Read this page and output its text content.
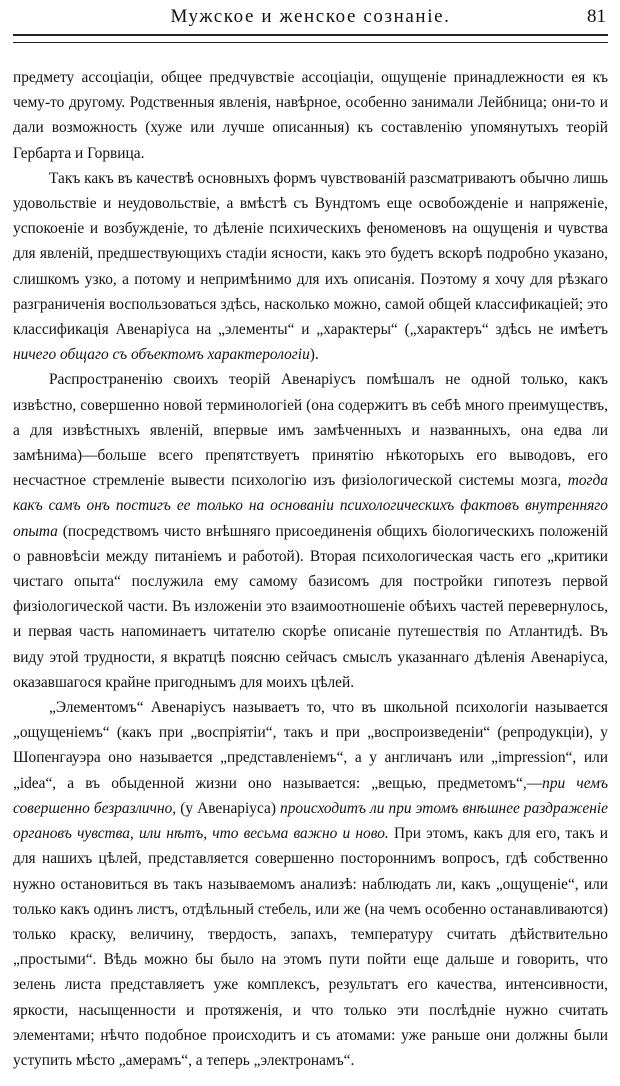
Мужское и женское сознаніе.	81

предмету ассоціаціи, общее предчувствіе ассоціаціи, ощущеніе принадлежности ея къ чему-то другому. Родственныя явленія, навѣрное, особенно занимали Лейбница; они-то и дали возможность (хуже или лучше описанныя) къ составленію упомянутыхъ теорій Гербарта и Горвица.

Такъ какъ въ качествѣ основныхъ формъ чувствованій разсматриваютъ обычно лишь удовольствіе и неудовольствіе, а вмѣстѣ съ Вундтомъ еще освобожденіе и напряженіе, успокоеніе и возбужденіе, то дѣленіе психическихъ феноменовъ на ощущенія и чувства для явленій, предшествующихъ стадіи ясности, какъ это будетъ вскорѣ подробно указано, слишкомъ узко, а потому и непримѣнимо для ихъ описанія. Поэтому я хочу для рѣзкаго разграниченія воспользоваться здѣсь, насколько можно, самой общей классификаціей; это классификація Авенаріуса на „элементы“ и „характеры“ („характеръ“ здѣсь не имѣетъ ничего общаго съ объектомъ характерологіи).

Распространенію своихъ теорій Авенаріусъ помѣшалъ не одной только, какъ извѣстно, совершенно новой терминологіей (она содержитъ въ себѣ много преимуществъ, а для извѣстныхъ явленій, впервые имъ замѣченныхъ и названныхъ, она едва ли замѣнима)—больше всего препятствуетъ принятію нѣкоторыхъ его выводовъ, его несчастное стремленіе вывести психологію изъ физіологической системы мозга, тогда какъ самъ онъ постигъ ее только на основаніи психологическихъ фактовъ внутренняго опыта (посредствомъ чисто внѣшняго присоединенія общихъ біологическихъ положеній о равновѣсіи между питаніемъ и работой). Вторая психологическая часть его „критики чистаго опыта“ послужила ему самому базисомъ для постройки гипотезъ первой физіологической части. Въ изложеніи это взаимоотношеніе обѣихъ частей перевернулось, и первая часть напоминаетъ читателю скорѣе описаніе путешествія по Атлантидѣ. Въ виду этой трудности, я вкратцѣ поясню сейчасъ смыслъ указаннаго дѣленія Авенаріуса, оказавшагося крайне пригоднымъ для моихъ цѣлей.

„Элементомъ“ Авенаріусъ называетъ то, что въ школьной психологіи называется „ощущеніемъ“ (какъ при „воспріятіи“, такъ и при „воспроизведеніи“ (репродукціи), у Шопенгауэра оно называется „представленіемъ“, а у англичанъ или „impression“, или „idea“, а въ обыденной жизни оно называется: „вещью, предметомъ“,—при чемъ совершенно безразлично, (у Авенаріуса) происходитъ ли при этомъ внѣшнее раздраженіе органовъ чувства, или нѣтъ, что весьма важно и ново. При этомъ, какъ для его, такъ и для нашихъ цѣлей, представляется совершенно постороннимъ вопросъ, гдѣ собственно нужно остановиться въ такъ называемомъ анализѣ: наблюдать ли, какъ „ощущеніе“, или только какъ одинъ листъ, отдѣльный стебель, или же (на чемъ особенно останавливаются) только краску, величину, твердость, запахъ, температуру считать дѣйствительно „простыми“. Вѣдь можно бы было на этомъ пути пойти еще дальше и говорить, что зелень листа представляетъ уже комплексъ, результатъ его качества, интенсивности, яркости, насыщенности и протяженія, и что только эти послѣдніе нужно считать элементами; нѣчто подобное происходитъ и съ атомами: уже раньше они должны были уступить мѣсто „амерамъ“, а теперь „электронамъ“.
